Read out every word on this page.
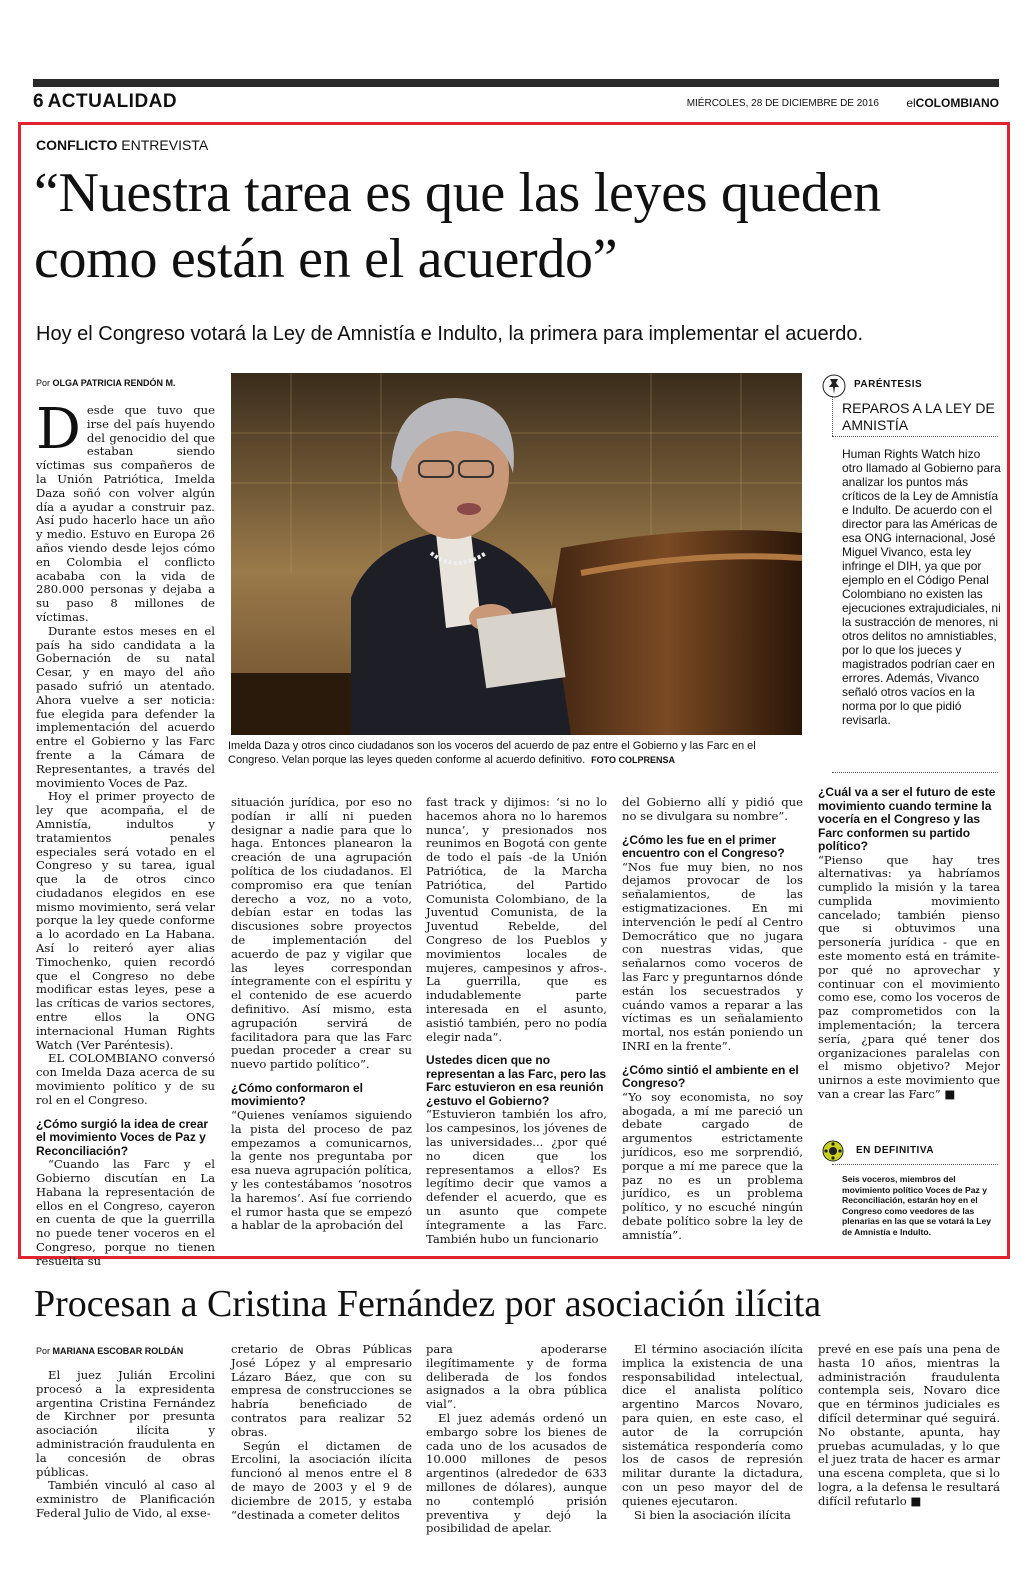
6 ACTUALIDAD	MIÉRCOLES, 28 DE DICIEMBRE DE 2016 elCOLOMBIANO
CONFLICTO ENTREVISTA
“Nuestra tarea es que las leyes queden como están en el acuerdo”
Hoy el Congreso votará la Ley de Amnistía e Indulto, la primera para implementar el acuerdo.
Por OLGA PATRICIA RENDÓN M.

Desde que tuvo que irse del país huyendo del genocidio del que estaban siendo víctimas sus compañeros de la Unión Patriótica, Imelda Daza soñó con volver algún día a ayudar a construir paz. Así pudo hacerlo hace un año y medio. Estuvo en Europa 26 años viendo desde lejos cómo en Colombia el conflicto acababa con la vida de 280.000 personas y dejaba a su paso 8 millones de víctimas.

Durante estos meses en el país ha sido candidata a la Gobernación de su natal Cesar, y en mayo del año pasado sufrió un atentado. Ahora vuelve a ser noticia: fue elegida para defender la implementación del acuerdo entre el Gobierno y las Farc frente a la Cámara de Representantes, a través del movimiento Voces de Paz.

Hoy el primer proyecto de ley que acompaña, el de Amnistía, indultos y tratamientos penales especiales será votado en el Congreso y su tarea, igual que la de otros cinco ciudadanos elegidos en ese mismo movimiento, será velar porque la ley quede conforme a lo acordado en La Habana. Así lo reiteró ayer alias Timochenko, quien recordó que el Congreso no debe modificar estas leyes, pese a las críticas de varios sectores, entre ellos la ONG internacional Human Rights Watch (Ver Paréntesis).

EL COLOMBIANO conversó con Imelda Daza acerca de su movimiento político y de su rol en el Congreso.

¿Cómo surgió la idea de crear el movimiento Voces de Paz y Reconciliación?

“Cuando las Farc y el Gobierno discutían en La Habana la representación de ellos en el Congreso, cayeron en cuenta de que la guerrilla no puede tener voceros en el Congreso, porque no tienen resuelta su

Imelda Daza y otros cinco ciudadanos son los voceros del acuerdo de paz entre el Gobierno y las Farc en el Congreso. Velan porque las leyes queden conforme al acuerdo definitivo. FOTO COLPRENSA

situación jurídica, por eso no podían ir allí ni pueden designar a nadie para que lo haga. Entonces planearon la creación de una agrupación política de los ciudadanos. El compromiso era que tenían derecho a voz, no a voto, debían estar en todas las discusiones sobre proyectos de implementación del acuerdo de paz y vigilar que las leyes correspondan íntegramente con el espíritu y el contenido de ese acuerdo definitivo. Así mismo, esta agrupación servirá de facilitadora para que las Farc puedan proceder a crear su nuevo partido político”.

¿Cómo conformaron el movimiento?

“Quienes veníamos siguiendo la pista del proceso de paz empezamos a comunicarnos, la gente nos preguntaba por esa nueva agrupación política, y les contestábamos ‘nosotros la haremos’. Así fue corriendo el rumor hasta que se empezó a hablar de la aprobación del

fast track y dijimos: ‘si no lo hacemos ahora no lo haremos nunca’, y presionados nos reunimos en Bogotá con gente de todo el país -de la Unión Patriótica, de la Marcha Patriótica, del Partido Comunista Colombiano, de la Juventud Comunista, de la Juventud Rebelde, del Congreso de los Pueblos y movimientos locales de mujeres, campesinos y afros-. La guerrilla, que es indudablemente parte interesada en el asunto, asistió también, pero no podía elegir nada”.

Ustedes dicen que no representan a las Farc, pero las Farc estuvieron en esa reunión ¿estuvo el Gobierno?

“Estuvieron también los afro, los campesinos, los jóvenes de las universidades... ¿por qué no dicen que los representamos a ellos? Es legítimo decir que vamos a defender el acuerdo, que es un asunto que compete íntegramente a las Farc. También hubo un funcionario

del Gobierno allí y pidió que no se divulgara su nombre”.

¿Cómo les fue en el primer encuentro con el Congreso?

“Nos fue muy bien, no nos dejamos provocar de los señalamientos, de las estigmatizaciones. En mi intervención le pedí al Centro Democrático que no jugara con nuestras vidas, que señalarnos como voceros de las Farc y preguntarnos dónde están los secuestrados y cuándo vamos a reparar a las víctimas es un señalamiento mortal, nos están poniendo un INRI en la frente”.

¿Cómo sintió el ambiente en el Congreso?

“Yo soy economista, no soy abogada, a mí me pareció un debate cargado de argumentos estrictamente jurídicos, eso me sorprendió, porque a mí me parece que la paz no es un problema jurídico, es un problema político, y no escuché ningún debate político sobre la ley de amnistía”.

¿Cuál va a ser el futuro de este movimiento cuando termine la vocería en el Congreso y las Farc conformen su partido político?

“Pienso que hay tres alternativas: ya habríamos cumplido la misión y la tarea cumplida movimiento cancelado; también pienso que si obtuvimos una personería jurídica - que en este momento está en trámite- por qué no aprovechar y continuar con el movimiento como ese, como los voceros de paz comprometidos con la implementación; la tercera sería, ¿para qué tener dos organizaciones paralelas con el mismo objetivo? Mejor unirnos a este movimiento que van a crear las Farc” ■

PARÉNTESIS
REPAROS A LA LEY DE AMNISTÍA
Human Rights Watch hizo otro llamado al Gobierno para analizar los puntos más críticos de la Ley de Amnistía e Indulto. De acuerdo con el director para las Américas de esa ONG internacional, José Miguel Vivanco, esta ley infringe el DIH, ya que por ejemplo en el Código Penal Colombiano no existen las ejecuciones extrajudiciales, ni la sustracción de menores, ni otros delitos no amnistiables, por lo que los jueces y magistrados podrían caer en errores. Además, Vivanco señaló otros vacíos en la norma por lo que pidió revisarla.
EN DEFINITIVA
Seis voceros, miembros del movimiento político Voces de Paz y Reconciliación, estarán hoy en el Congreso como veedores de las plenarias en las que se votará la Ley de Amnistía e Indulto.
Procesan a Cristina Fernández por asociación ilícita
Por MARIANA ESCOBAR ROLDÁN

El juez Julián Ercolini procesó a la expresidenta argentina Cristina Fernández de Kirchner por presunta asociación ilícita y administración fraudulenta en la concesión de obras públicas.

También vinculó al caso al exministro de Planificación Federal Julio de Vido, al exse-

cretario de Obras Públicas José López y al empresario Lázaro Báez, que con su empresa de construcciones se habría beneficiado de contratos para realizar 52 obras.

Según el dictamen de Ercolini, la asociación ilícita funcionó al menos entre el 8 de mayo de 2003 y el 9 de diciembre de 2015, y estaba “destinada a cometer delitos

para apoderarse ilegítimamente y de forma deliberada de los fondos asignados a la obra pública vial”.

El juez además ordenó un embargo sobre los bienes de cada uno de los acusados de 10.000 millones de pesos argentinos (alrededor de 633 millones de dólares), aunque no contempló prisión preventiva y dejó la posibilidad de apelar.

El término asociación ilícita implica la existencia de una responsabilidad intelectual, dice el analista político argentino Marcos Novaro, para quien, en este caso, el autor de la corrupción sistemática respondería como los de casos de represión militar durante la dictadura, con un peso mayor del de quienes ejecutaron.

Si bien la asociación ilícita

prevé en ese país una pena de hasta 10 años, mientras la administración fraudulenta contempla seis, Novaro dice que en términos judiciales es difícil determinar qué seguirá. No obstante, apunta, hay pruebas acumuladas, y lo que el juez trata de hacer es armar una escena completa, que si lo logra, a la defensa le resultará difícil refutarlo ■
